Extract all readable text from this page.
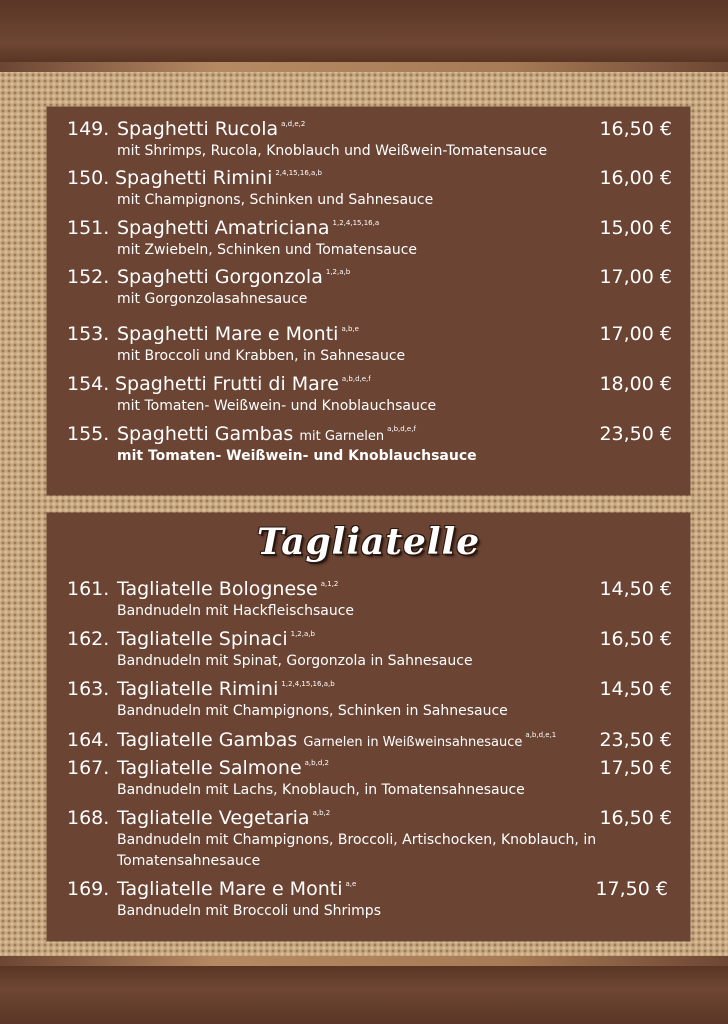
149. Spaghetti Rucola $^{a,d,e,2}$	16,50 €
mit Shrimps, Rucola, Knoblauch und Weißwein-Tomatensauce
150. Spaghetti Rimini $^{2,4,15,16,a,b}$	16,00 €
mit Champignons, Schinken und Sahnesauce
151. Spaghetti Amatriciana $^{1,2,4,15,16,a}$	15,00 €
mit Zwiebeln, Schinken und Tomatensauce
152. Spaghetti Gorgonzola $^{1,2,a,b}$	17,00 €
mit Gorgonzolasahnesauce
153. Spaghetti Mare e Monti $^{a,b,e}$	17,00 €
mit Broccoli und Krabben, in Sahnesauce
154. Spaghetti Frutti di Mare $^{a,b,d,e,f}$	18,00 €
mit Tomaten- Weißwein- und Knoblauchsauce
155. Spaghetti Gambas mit Garnelen $^{a,b,d,e,f}$	23,50 €
mit Tomaten- Weißwein- und Knoblauchsauce
Tagliatelle
161. Tagliatelle Bolognese $^{a,1,2}$	14,50 €
Bandnudeln mit Hackfleischsauce
162. Tagliatelle Spinaci $^{1,2,a,b}$	16,50 €
Bandnudeln mit Spinat, Gorgonzola in Sahnesauce
163. Tagliatelle Rimini $^{1,2,4,15,16,a,b}$	14,50 €
Bandnudeln mit Champignons, Schinken in Sahnesauce
164. Tagliatelle Gambas Garnelen in Weißweinsahnesauce $^{a,b,d,e,1}$ 23,50 €
167. Tagliatelle Salmone $^{a,b,d,2}$	17,50 €
Bandnudeln mit Lachs, Knoblauch, in Tomatensahnesauce
168. Tagliatelle Vegetaria $^{a,b,2}$	16,50 €
Bandnudeln mit Champignons, Broccoli, Artischocken, Knoblauch, in Tomatensahnesauce
169. Tagliatelle Mare e Monti $^{a,e}$	17,50 €
Bandnudeln mit Broccoli und Shrimps
